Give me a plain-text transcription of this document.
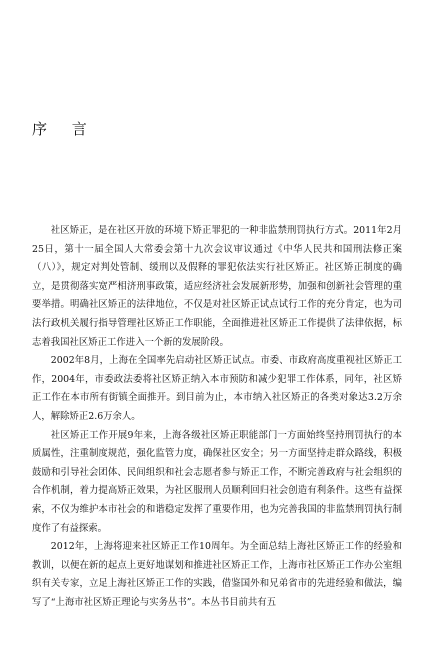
序 言

社区矫正，是在社区开放的环境下矫正罪犯的一种非监禁刑罚执行方式。2011年2月25日，第十一届全国人大常委会第十九次会议审议通过《中华人民共和国刑法修正案（八）》，规定对判处管制、缓刑以及假释的罪犯依法实行社区矫正。社区矫正制度的确立，是贯彻落实宽严相济刑事政策，适应经济社会发展新形势，加强和创新社会管理的重要举措。明确社区矫正的法律地位，不仅是对社区矫正试点试行工作的充分肯定，也为司法行政机关履行指导管理社区矫正工作职能，全面推进社区矫正工作提供了法律依据，标志着我国社区矫正工作进入一个新的发展阶段。

2002年8月，上海在全国率先启动社区矫正试点。市委、市政府高度重视社区矫正工作，2004年，市委政法委将社区矫正纳入本市预防和减少犯罪工作体系，同年，社区矫正工作在本市所有街镇全面推开。到目前为止，本市纳入社区矫正的各类对象达3.2万余人，解除矫正2.6万余人。

社区矫正工作开展9年来，上海各级社区矫正职能部门一方面始终坚持刑罚执行的本质属性，注重制度规范，强化监管力度，确保社区安全；另一方面坚持走群众路线，积极鼓励和引导社会团体、民间组织和社会志愿者参与矫正工作，不断完善政府与社会组织的合作机制，着力提高矫正效果，为社区服刑人员顺利回归社会创造有利条件。这些有益探索，不仅为维护本市社会的和谐稳定发挥了重要作用，也为完善我国的非监禁刑罚执行制度作了有益探索。

2012年，上海将迎来社区矫正工作10周年。为全面总结上海社区矫正工作的经验和教训，以便在新的起点上更好地谋划和推进社区矫正工作，上海市社区矫正工作办公室组织有关专家，立足上海社区矫正工作的实践，借鉴国外和兄弟省市的先进经验和做法，编写了“上海市社区矫正理论与实务丛书”。本丛书目前共有五
